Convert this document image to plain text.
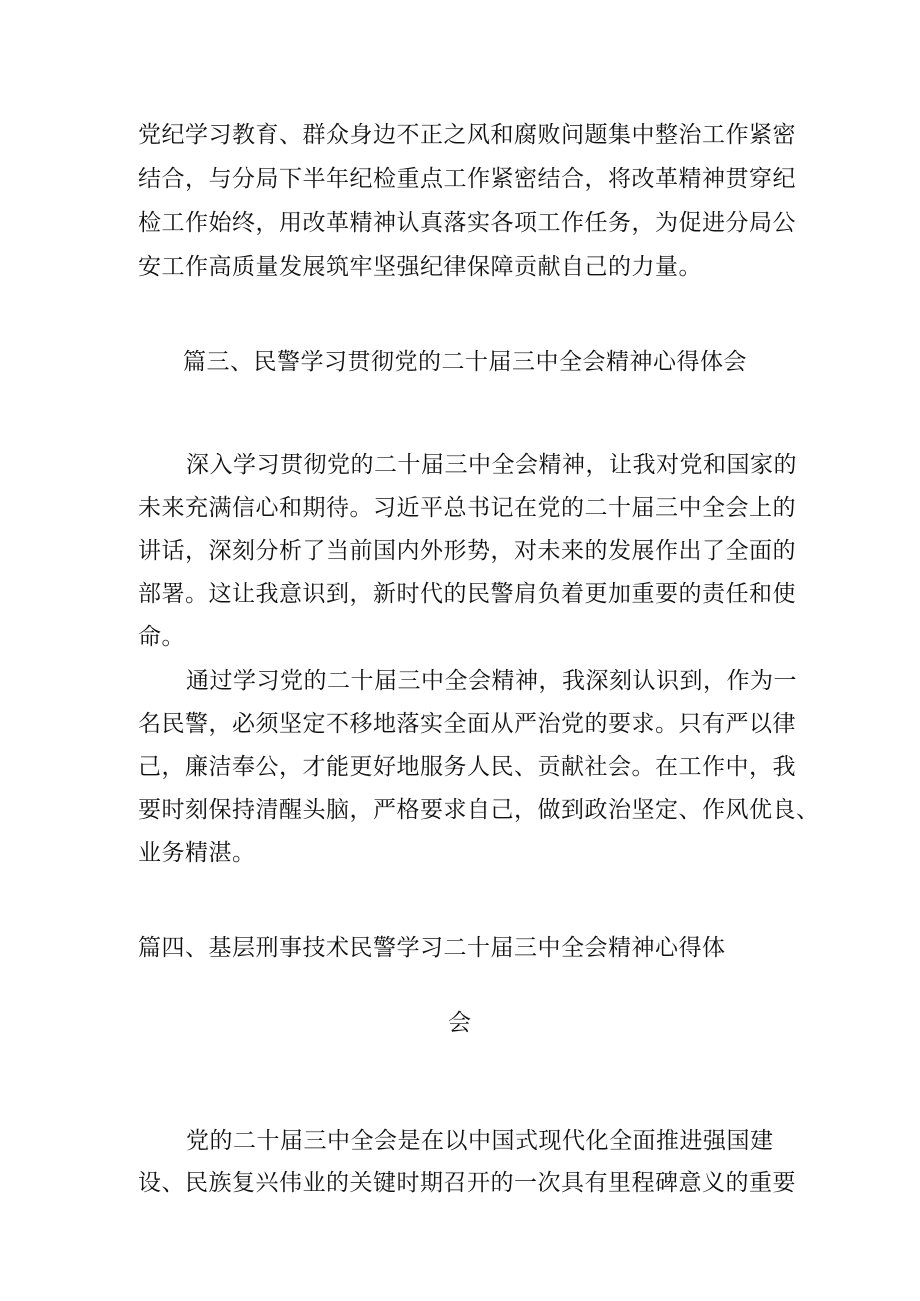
党纪学习教育、群众身边不正之风和腐败问题集中整治工作紧密
结合，与分局下半年纪检重点工作紧密结合，将改革精神贯穿纪
检工作始终，用改革精神认真落实各项工作任务，为促进分局公
安工作高质量发展筑牢坚强纪律保障贡献自己的力量。
篇三、民警学习贯彻党的二十届三中全会精神心得体会
深入学习贯彻党的二十届三中全会精神，让我对党和国家的
未来充满信心和期待。习近平总书记在党的二十届三中全会上的
讲话，深刻分析了当前国内外形势，对未来的发展作出了全面的
部署。这让我意识到，新时代的民警肩负着更加重要的责任和使
命。
通过学习党的二十届三中全会精神，我深刻认识到，作为一
名民警，必须坚定不移地落实全面从严治党的要求。只有严以律
己，廉洁奉公，才能更好地服务人民、贡献社会。在工作中，我
要时刻保持清醒头脑，严格要求自己，做到政治坚定、作风优良、
业务精湛。
篇四、基层刑事技术民警学习二十届三中全会精神心得体
会
党的二十届三中全会是在以中国式现代化全面推进强国建
设、民族复兴伟业的关键时期召开的一次具有里程碑意义的重要
